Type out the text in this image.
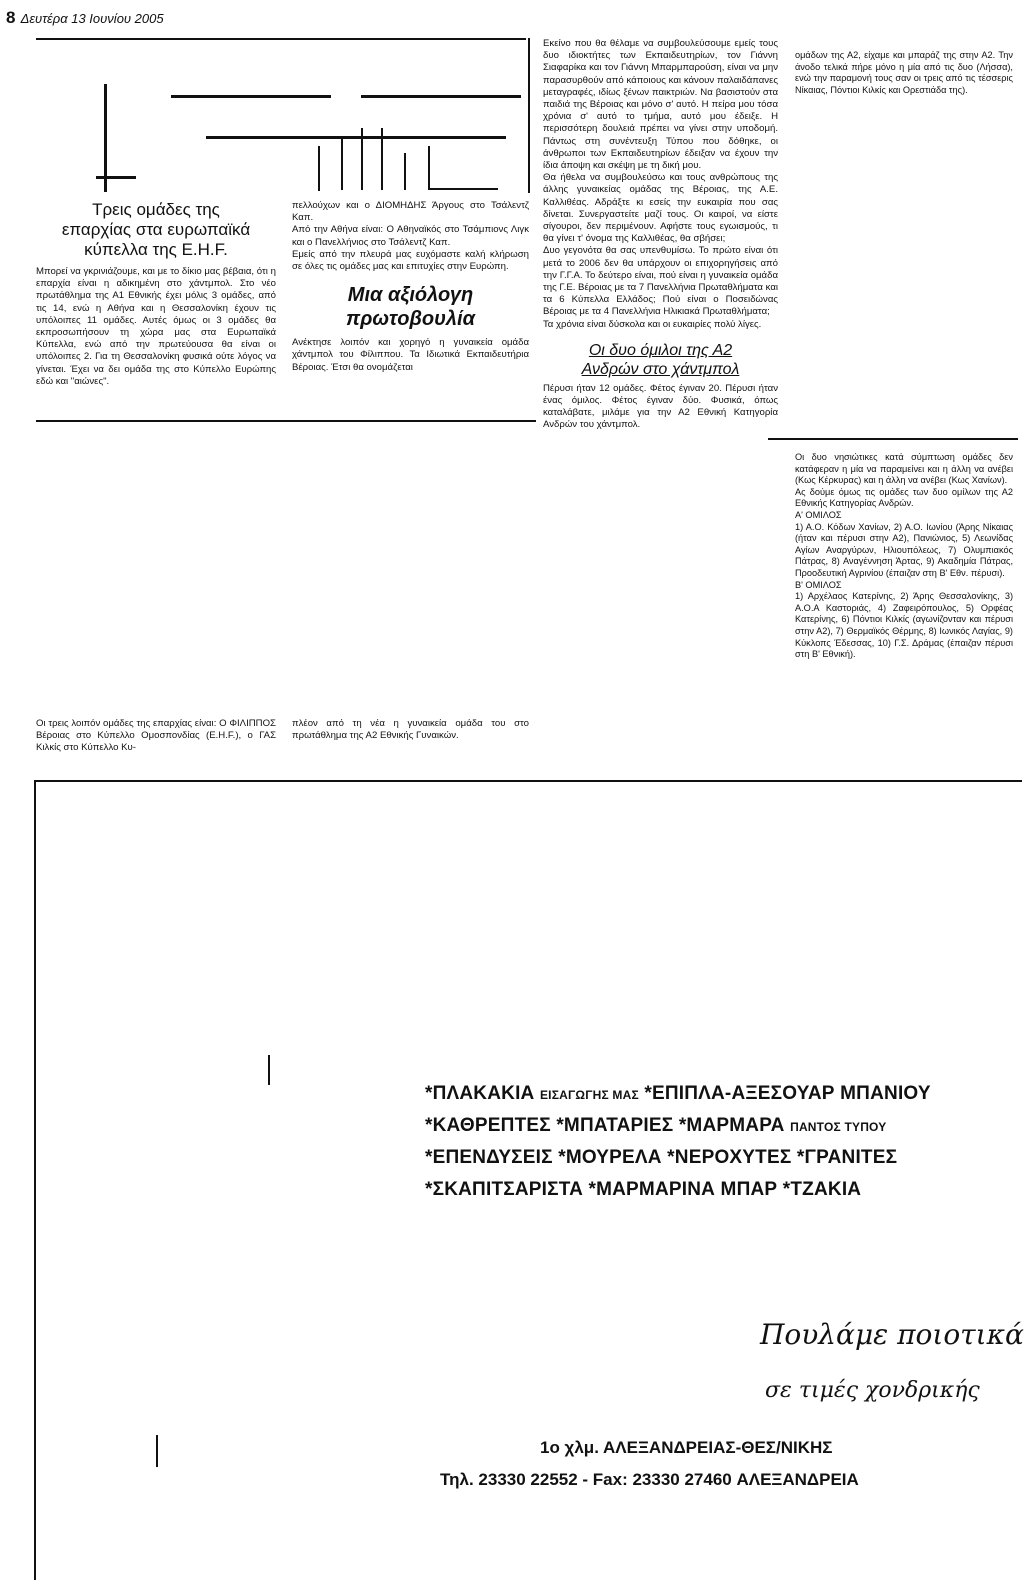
8 Δευτέρα 13 Ιουνίου 2005
Τρεις ομάδες της επαρχίας στα ευρωπαϊκά κύπελλα της Ε.Η.F.

Μπορεί να γκρινιάζουμε, και με το δίκιο μας βέβαια, ότι η επαρχία είναι η αδικημένη στο χάντμπολ. Στο νέο πρωτάθλημα της Α1 Εθνικής έχει μόλις 3 ομάδες, από τις 14, ενώ η Αθήνα και η Θεσσαλονίκη έχουν τις υπόλοιπες 11 ομάδες. Αυτές όμως οι 3 ομάδες θα εκπροσωπήσουν τη χώρα μας στα Ευρωπαϊκά Κύπελλα, ενώ από την πρωτεύουσα θα είναι οι υπόλοιπες 2. Για τη Θεσσαλονίκη φυσικά ούτε λόγος να γίνεται. Έχει να δει ομάδα της στο Κύπελλο Ευρώπης εδώ και "αιώνες".

Οι τρεις λοιπόν ομάδες της επαρχίας είναι: Ο ΦΙΛΙΠΠΟΣ Βέροιας στο Κύπελλο Ομοσπονδίας (Ε.Η.F.), ο ΓΑΣ Κιλκίς στο Κύπελλο Κυ-

πελλούχων και ο ΔΙΟΜΗΔΗΣ Άργους στο Τσάλεντζ Καπ.

Από την Αθήνα είναι: Ο Αθηναϊκός στο Τσάμπιονς Λιγκ και ο Πανελλήνιος στο Τσάλεντζ Καπ.

Εμείς από την πλευρά μας ευχόμαστε καλή κλήρωση σε όλες τις ομάδες μας και επιτυχίες στην Ευρώπη.

Μια αξιόλογη πρωτοβουλία

Ανέκτησε λοιπόν και χορηγό η γυναικεία ομάδα χάντμπολ του Φίλιππου. Τα Ιδιωτικά Εκπαιδευτήρια Βέροιας. Έτσι θα ονομάζεται

πλέον από τη νέα η γυναικεία ομάδα του στο πρωτάθλημα της Α2 Εθνικής Γυναικών.

Εκείνο που θα θέλαμε να συμβουλεύσουμε εμείς τους δυο ιδιοκτήτες των Εκπαιδευτηρίων, τον Γιάννη Σιαφαρίκα και τον Γιάννη Μπαρμπαρούση, είναι να μην παρασυρθούν από κάποιους και κάνουν παλαιδάπανες μεταγραφές, ιδίως ξένων παικτριών. Να βασιστούν στα παιδιά της Βέροιας και μόνο σ' αυτό. Η πείρα μου τόσα χρόνια σ' αυτό το τμήμα, αυτό μου έδειξε. Η περισσότερη δουλειά πρέπει να γίνει στην υποδομή. Πάντως στη συνέντευξη Τύπου που δόθηκε, οι άνθρωποι των Εκπαιδευτηρίων έδειξαν να έχουν την ίδια άποψη και σκέψη με τη δική μου.

Θα ήθελα να συμβουλεύσω και τους ανθρώπους της άλλης γυναικείας ομάδας της Βέροιας, της Α.Ε. Καλλιθέας. Αδράξτε κι εσείς την ευκαιρία που σας δίνεται. Συνεργαστείτε μαζί τους. Οι καιροί, να είστε σίγουροι, δεν περιμένουν. Αφήστε τους εγωισμούς, τι θα γίνει τ' όνομα της Καλλιθέας, θα σβήσει;

Δυο γεγονότα θα σας υπενθυμίσω. Το πρώτο είναι ότι μετά το 2006 δεν θα υπάρχουν οι επιχορηγήσεις από την Γ.Γ.Α. Το δεύτερο είναι, πού είναι η γυναικεία ομάδα της Γ.Ε. Βέροιας με τα 7 Πανελλήνια Πρωταθλήματα και τα 6 Κύπελλα Ελλάδος; Πού είναι ο Ποσειδώνας Βέροιας με τα 4 Πανελλήνια Ηλικιακά Πρωταθλήματα;

Τα χρόνια είναι δύσκολα και οι ευκαιρίες πολύ λίγες.

Οι δυο όμιλοι της Α2 Ανδρών στο χάντμπολ

Πέρυσι ήταν 12 ομάδες. Φέτος έγιναν 20. Πέρυσι ήταν ένας όμιλος. Φέτος έγιναν δύο. Φυσικά, όπως καταλάβατε, μιλάμε για την Α2 Εθνική Κατηγορία Ανδρών του χάντμπολ.

ομάδων της Α2, είχαμε και μπαράζ της στην Α2. Την άνοδο τελικά πήρε μόνο η μία από τις δυο (Λήσσα), ενώ την παραμονή τους σαν οι τρεις από τις τέσσερις Νίκαιας, Πόντιοι Κιλκίς και Ορεστιάδα της).

Οι δυο νησιώτικες κατά σύμπτωση ομάδες δεν κατάφεραν η μία να παραμείνει και η άλλη να ανέβει (Κως Κέρκυρας) και η άλλη να ανέβει (Κως Χανίων).

Ας δούμε όμως τις ομάδες των δυο ομίλων της Α2 Εθνικής Κατηγορίας Ανδρών.

Α' ΟΜΙΛΟΣ

1) Α.Ο. Κόδων Χανίων, 2) Α.Ο. Ιωνίου (Άρης Νίκαιας (ήταν και πέρυσι στην Α2), Πανιώνιος, 5) Λεωνίδας Αγίων Αναργύρων, Ηλιουπόλεως, 7) Ολυμπιακός Πάτρας, 8) Αναγέννηση Άρτας, 9) Ακαδημία Πάτρας, Προοδευτική Αγρινίου (έπαιζαν στη Β' Εθν. πέρυσι).

Β' ΟΜΙΛΟΣ

1) Αρχέλαος Κατερίνης, 2) Άρης Θεσσαλονίκης, 3) Α.Ο.Α Καστοριάς, 4) Ζαφειρόπουλος, 5) Ορφέας Κατερίνης, 6) Πόντιοι Κιλκίς (αγωνίζονταν και πέρυσι στην Α2), 7) Θερμαϊκός Θέρμης, 8) Ιωνικός Λαγίας, 9) Κύκλοπς Έδεσσας, 10) Γ.Σ. Δράμας (έπαιζαν πέρυσι στη Β' Εθνική).

*ΠΛΑΚΑΚΙΑ ΕΙΣΑΓΩΓΗΣ ΜΑΣ *ΕΠΙΠΛΑ-ΑΞΕΣΟΥΑΡ ΜΠΑΝΙΟΥ
*ΚΑΘΡΕΠΤΕΣ *ΜΠΑΤΑΡΙΕΣ *ΜΑΡΜΑΡΑ ΠΑΝΤΟΣ ΤΥΠΟΥ
*ΕΠΕΝΔΥΣΕΙΣ *ΜΟΥΡΕΛΑ *ΝΕΡΟΧΥΤΕΣ *ΓΡΑΝΙΤΕΣ
*ΣΚΑΠΙΤΣΑΡΙΣΤΑ *ΜΑΡΜΑΡΙΝΑ ΜΠΑΡ *ΤΖΑΚΙΑ
Πουλάμε ποιοτικά
σε τιμές χονδρικής
1ο χλμ. ΑΛΕΞΑΝΔΡΕΙΑΣ-ΘΕΣ/ΝΙΚΗΣ
Τηλ. 23330 22552 - Fax: 23330 27460 ΑΛΕΞΑΝΔΡΕΙΑ
